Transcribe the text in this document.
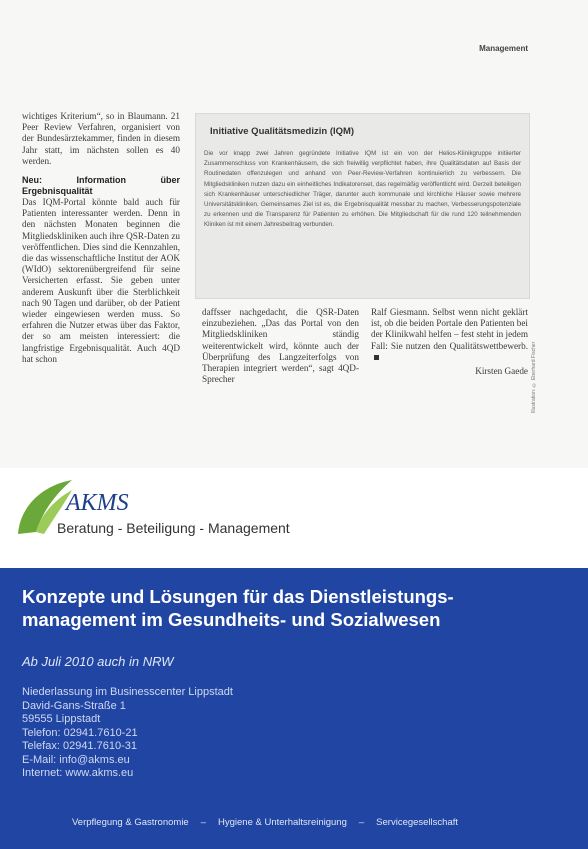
Management

wichtiges Kriterium“, so in Blaumann. 21 Peer Review Verfahren, organisiert von der Bundesärztekammer, finden in diesem Jahr statt, im nächsten sollen es 40 werden.

Neu: Information über Ergebnisqualität

Das IQM-Portal könnte bald auch für Patienten interessanter werden. Denn in den nächsten Monaten beginnen die Mitgliedskliniken auch ihre QSR-Daten zu veröffentlichen. Dies sind die Kennzahlen, die das wissenschaftliche Institut der AOK (WIdO) sektorenübergreifend für seine Versicherten erfasst. Sie geben unter anderem Auskunft über die Sterblichkeit nach 90 Tagen und darüber, ob der Patient wieder eingewiesen werden muss. So erfahren die Nutzer etwas über das Faktor, der so am meisten interessiert: die langfristige Ergebnisqualität. Auch 4QD hat schon

Initiative Qualitätsmedizin (IQM)

Die vor knapp zwei Jahren gegründete Initiative IQM ist ein von der Helios-Klinikgruppe initiierter Zusammenschluss von Krankenhäusern, die sich freiwillig verpflichtet haben, ihre Qualitätsdaten auf Basis der Routinedaten offenzulegen und anhand von Peer-Review-Verfahren kontinuierlich zu verbessern. Die Mitgliedskliniken nutzen dazu ein einheitliches Indikatorenset, das regelmäßig veröffentlicht wird. Derzeit beteiligen sich Krankenhäuser unterschiedlicher Träger, darunter auch kommunale und kirchliche Häuser sowie mehrere Universitätskliniken. Gemeinsames Ziel ist es, die Ergebnisqualität messbar zu machen, Verbesserungspotenziale zu erkennen und die Transparenz für Patienten zu erhöhen. Die Mitgliedschaft für die rund 120 teilnehmenden Kliniken ist mit einem Jahresbeitrag verbunden.

daffsser nachgedacht, die QSR-Daten einzubeziehen. „Das das Portal von den Mitgliedskliniken ständig weiterentwickelt wird, könnte auch der Überprüfung des Langzeiterfolgs von Therapien integriert werden“, sagt 4QD-Sprecher

Ralf Giesmann. Selbst wenn nicht geklärt ist, ob die beiden Portale den Patienten bei der Klinikwahl helfen – fest steht in jedem Fall: Sie nutzen den Qualitätswettbewerb.

Kirsten Gaede Illustration: © Eberhard Fischer
AKMS
Beratung - Beteiligung - Management
Konzepte und Lösungen für das Dienstleistungs-
management im Gesundheits- und Sozialwesen
Ab Juli 2010 auch in NRW
Niederlassung im Businesscenter Lippstadt
David-Gans-Straße 1
59555 Lippstadt
Telefon: 02941.7610-21
Telefax: 02941.7610-31
E-Mail: info@akms.eu
Internet: www.akms.eu
Verpflegung & Gastronomie – Hygiene & Unterhaltsreinigung – Servicegesellschaft
